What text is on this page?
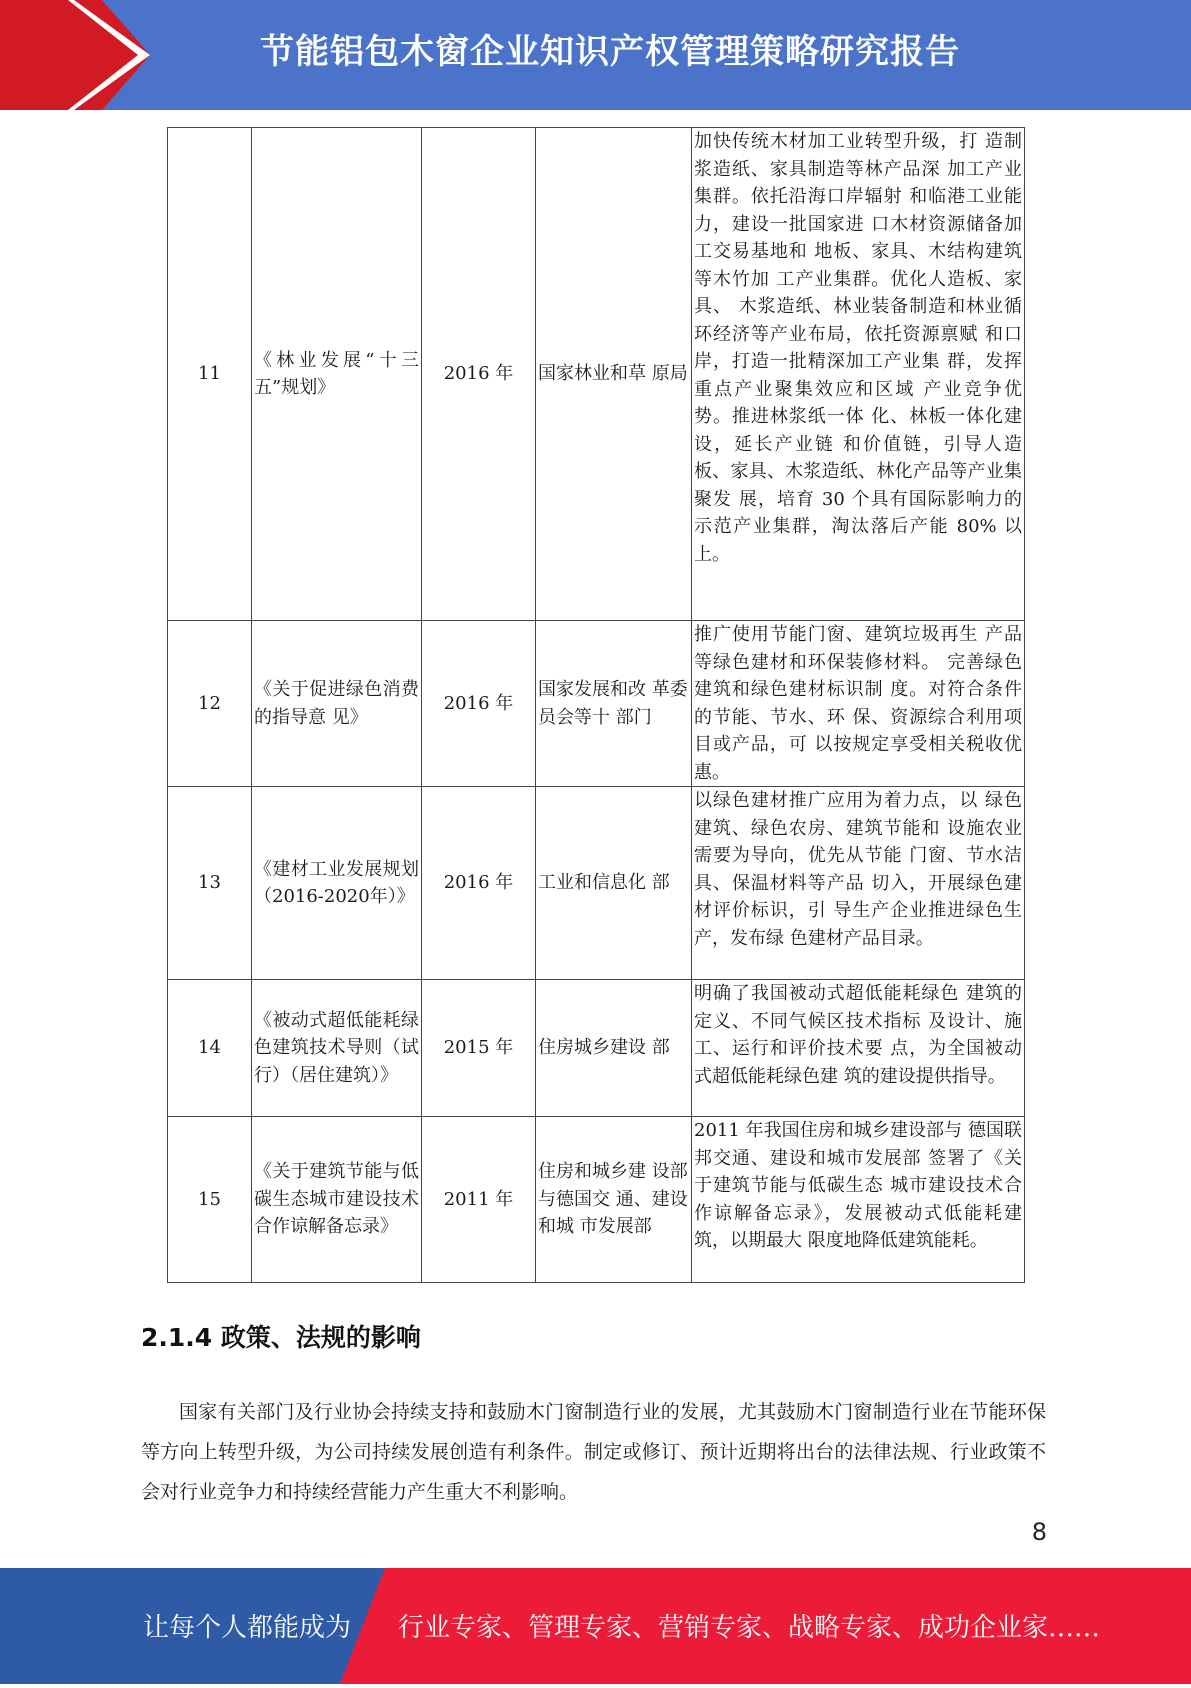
节能铝包木窗企业知识产权管理策略研究报告
11	《林业发展“十三五”规划》	2016 年	国家林业和草 原局	加快传统木材加工业转型升级，打 造制浆造纸、家具制造等林产品深 加工产业集群。依托沿海口岸辐射 和临港工业能力，建设一批国家进 口木材资源储备加工交易基地和 地板、家具、木结构建筑等木竹加 工产业集群。优化人造板、家具、 木浆造纸、林业装备制造和林业循 环经济等产业布局，依托资源禀赋 和口岸，打造一批精深加工产业集 群，发挥重点产业聚集效应和区域 产业竞争优势。推进林浆纸一体 化、林板一体化建设，延长产业链 和价值链，引导人造板、家具、木浆造纸、林化产品等产业集聚发 展，培育 30 个具有国际影响力的 示范产业集群，淘汰落后产能 80% 以上。
12	《关于促进绿色消费的指导意 见》	2016 年	国家发展和改 革委员会等十 部门	推广使用节能门窗、建筑垃圾再生 产品等绿色建材和环保装修材料。 完善绿色建筑和绿色建材标识制 度。对符合条件的节能、节水、环 保、资源综合利用项目或产品，可 以按规定享受相关税收优惠。
13	《建材工业发展规划（2016-2020年）》	2016 年	工业和信息化 部	以绿色建材推广应用为着力点，以 绿色建筑、绿色农房、建筑节能和 设施农业需要为导向，优先从节能 门窗、节水洁具、保温材料等产品 切入，开展绿色建材评价标识，引 导生产企业推进绿色生产，发布绿 色建材产品目录。
14	《被动式超低能耗绿色建筑技术导则（试行）（居住建筑）》	2015 年	住房城乡建设 部	明确了我国被动式超低能耗绿色 建筑的定义、不同气候区技术指标 及设计、施工、运行和评价技术要 点，为全国被动式超低能耗绿色建 筑的建设提供指导。
15	《关于建筑节能与低碳生态城市建设技术合作谅解备忘录》	2011 年	住房和城乡建 设部与德国交 通、建设和城 市发展部	2011 年我国住房和城乡建设部与 德国联邦交通、建设和城市发展部 签署了《关于建筑节能与低碳生态 城市建设技术合作谅解备忘录》，发展被动式低能耗建筑，以期最大 限度地降低建筑能耗。
2.1.4 政策、法规的影响

国家有关部门及行业协会持续支持和鼓励木门窗制造行业的发展，尤其鼓励木门窗制造行业在节能环保等方向上转型升级，为公司持续发展创造有利条件。制定或修订、预计近期将出台的法律法规、行业政策不会对行业竞争力和持续经营能力产生重大不利影响。

8
让每个人都能成为 行业专家、管理专家、营销专家、战略专家、成功企业家……
